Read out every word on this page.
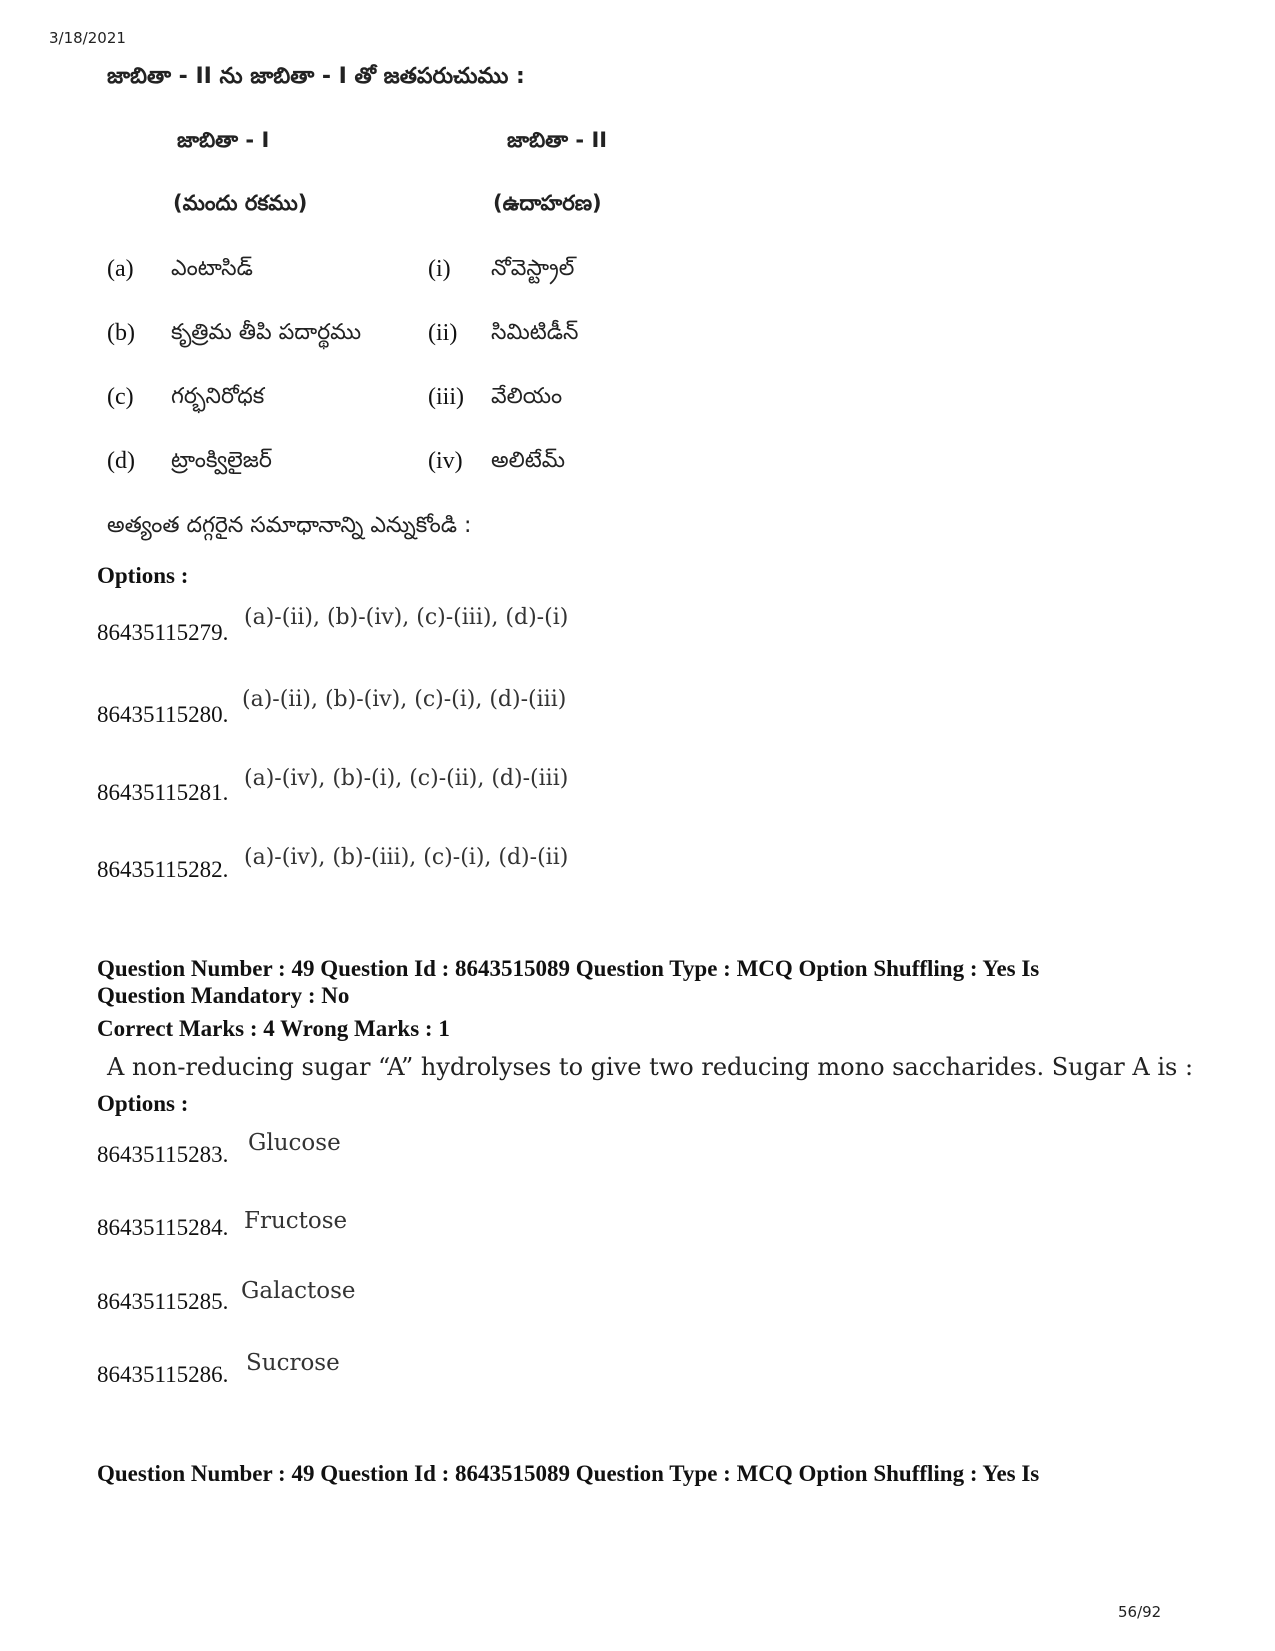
3/18/2021
జాబితా - II ను జాబితా - I తో జతపరుచుము :
జాబితా - I	జాబితా - II
(మందు రకము)	(ఉదాహరణ)
(a) ఎంటాసిడ్	(i) నోవెస్ట్రాల్
(b) కృత్రిమ తీపి పదార్థము	(ii) సిమిటిడీన్
(c) గర్భనిరోధక	(iii) వేలియం
(d) ట్రాంక్విలైజర్	(iv) అలిటేమ్
అత్యంత దగ్గరైన సమాధానాన్ని ఎన్నుకోండి :
Options :
86435115279.
(a)-(ii), (b)-(iv), (c)-(iii), (d)-(i)
86435115280.
(a)-(ii), (b)-(iv), (c)-(i), (d)-(iii)
86435115281.
(a)-(iv), (b)-(i), (c)-(ii), (d)-(iii)
86435115282. (a)-(iv), (b)-(iii), (c)-(i), (d)-(ii)
Question Number : 49 Question Id : 8643515089 Question Type : MCQ Option Shuffling : Yes Is
Question Mandatory : No
Correct Marks : 4 Wrong Marks : 1
A non-reducing sugar “A” hydrolyses to give two reducing mono saccharides. Sugar A is :
Options :
86435115283. Glucose
86435115284. Fructose
86435115285. Galactose
86435115286. Sucrose
Question Number : 49 Question Id : 8643515089 Question Type : MCQ Option Shuffling : Yes Is
56/92
